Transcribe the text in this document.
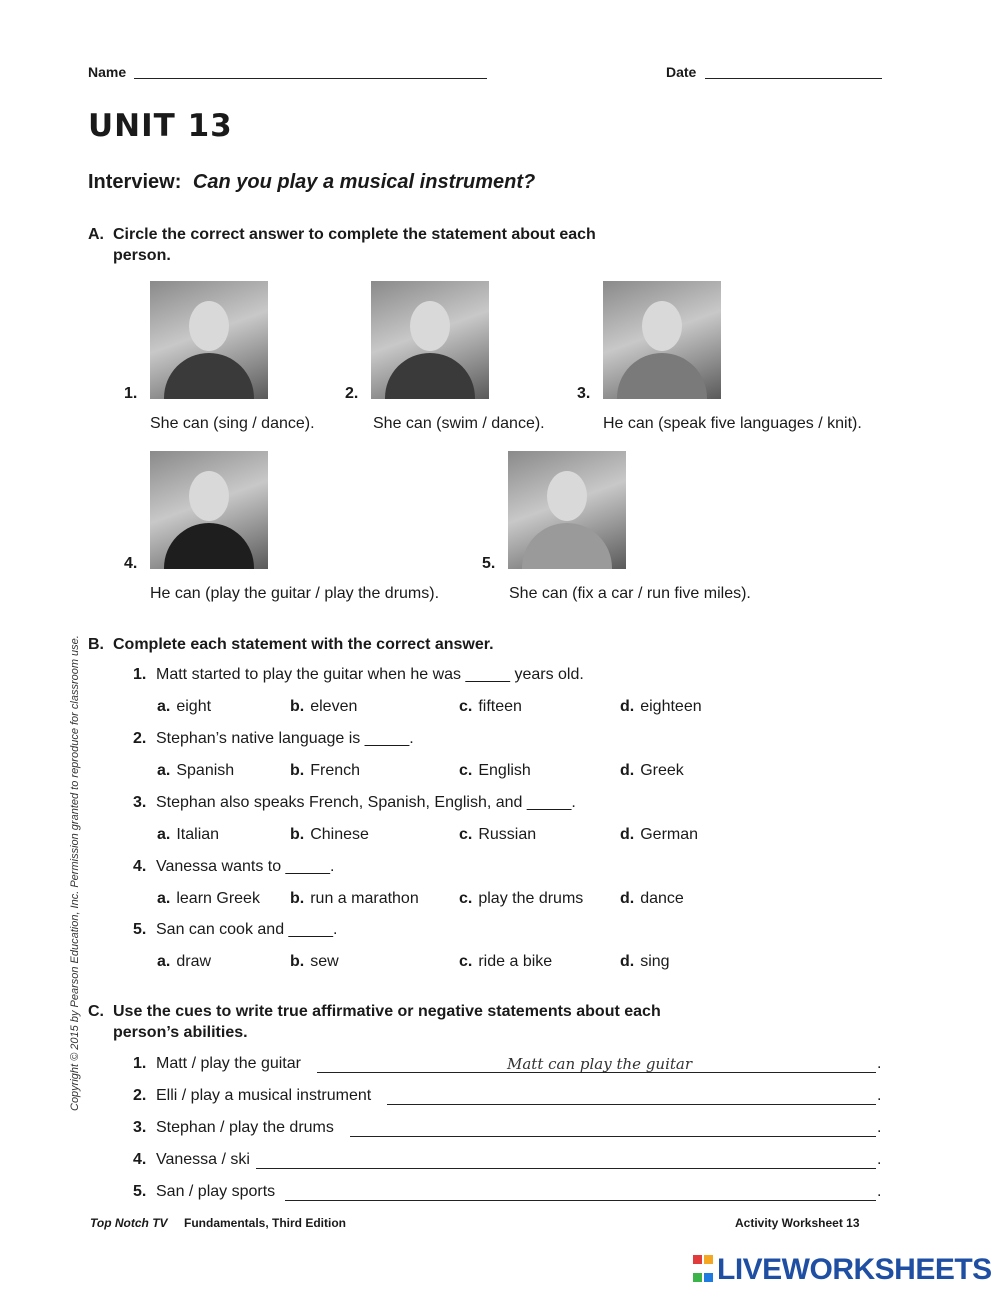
Name	Date
UNIT 13
Interview: Can you play a musical instrument?
A. Circle the correct answer to complete the statement about each person.
1.	2.	3.
She can (sing / dance).	She can (swim / dance).	He can (speak five languages / knit).
4.	5.
He can (play the guitar / play the drums).	She can (fix a car / run five miles).
B. Complete each statement with the correct answer.
1. Matt started to play the guitar when he was _____ years old.
a. eight	b. eleven	c. fifteen	d. eighteen
2. Stephan’s native language is _____.
a. Spanish	b. French	c. English	d. Greek
3. Stephan also speaks French, Spanish, English, and _____.
a. Italian	b. Chinese	c. Russian	d. German
4. Vanessa wants to _____.
a. learn Greek b. run a marathon	c. play the drums d. dance
5. San can cook and _____.
a. draw	b. sew	c. ride a bike	d. sing
C. Use the cues to write true affirmative or negative statements about each person’s abilities.
1. Matt / play the guitar	Matt can play the guitar	.
2. Elli / play a musical instrument	.
3. Stephan / play the drums	.
4. Vanessa / ski	.
5. San / play sports	.
Copyright © 2015 by Pearson Education, Inc. Permission granted to reproduce for classroom use.
Top Notch TV Fundamentals, Third Edition	Activity Worksheet 13
LIVEWORKSHEETS
